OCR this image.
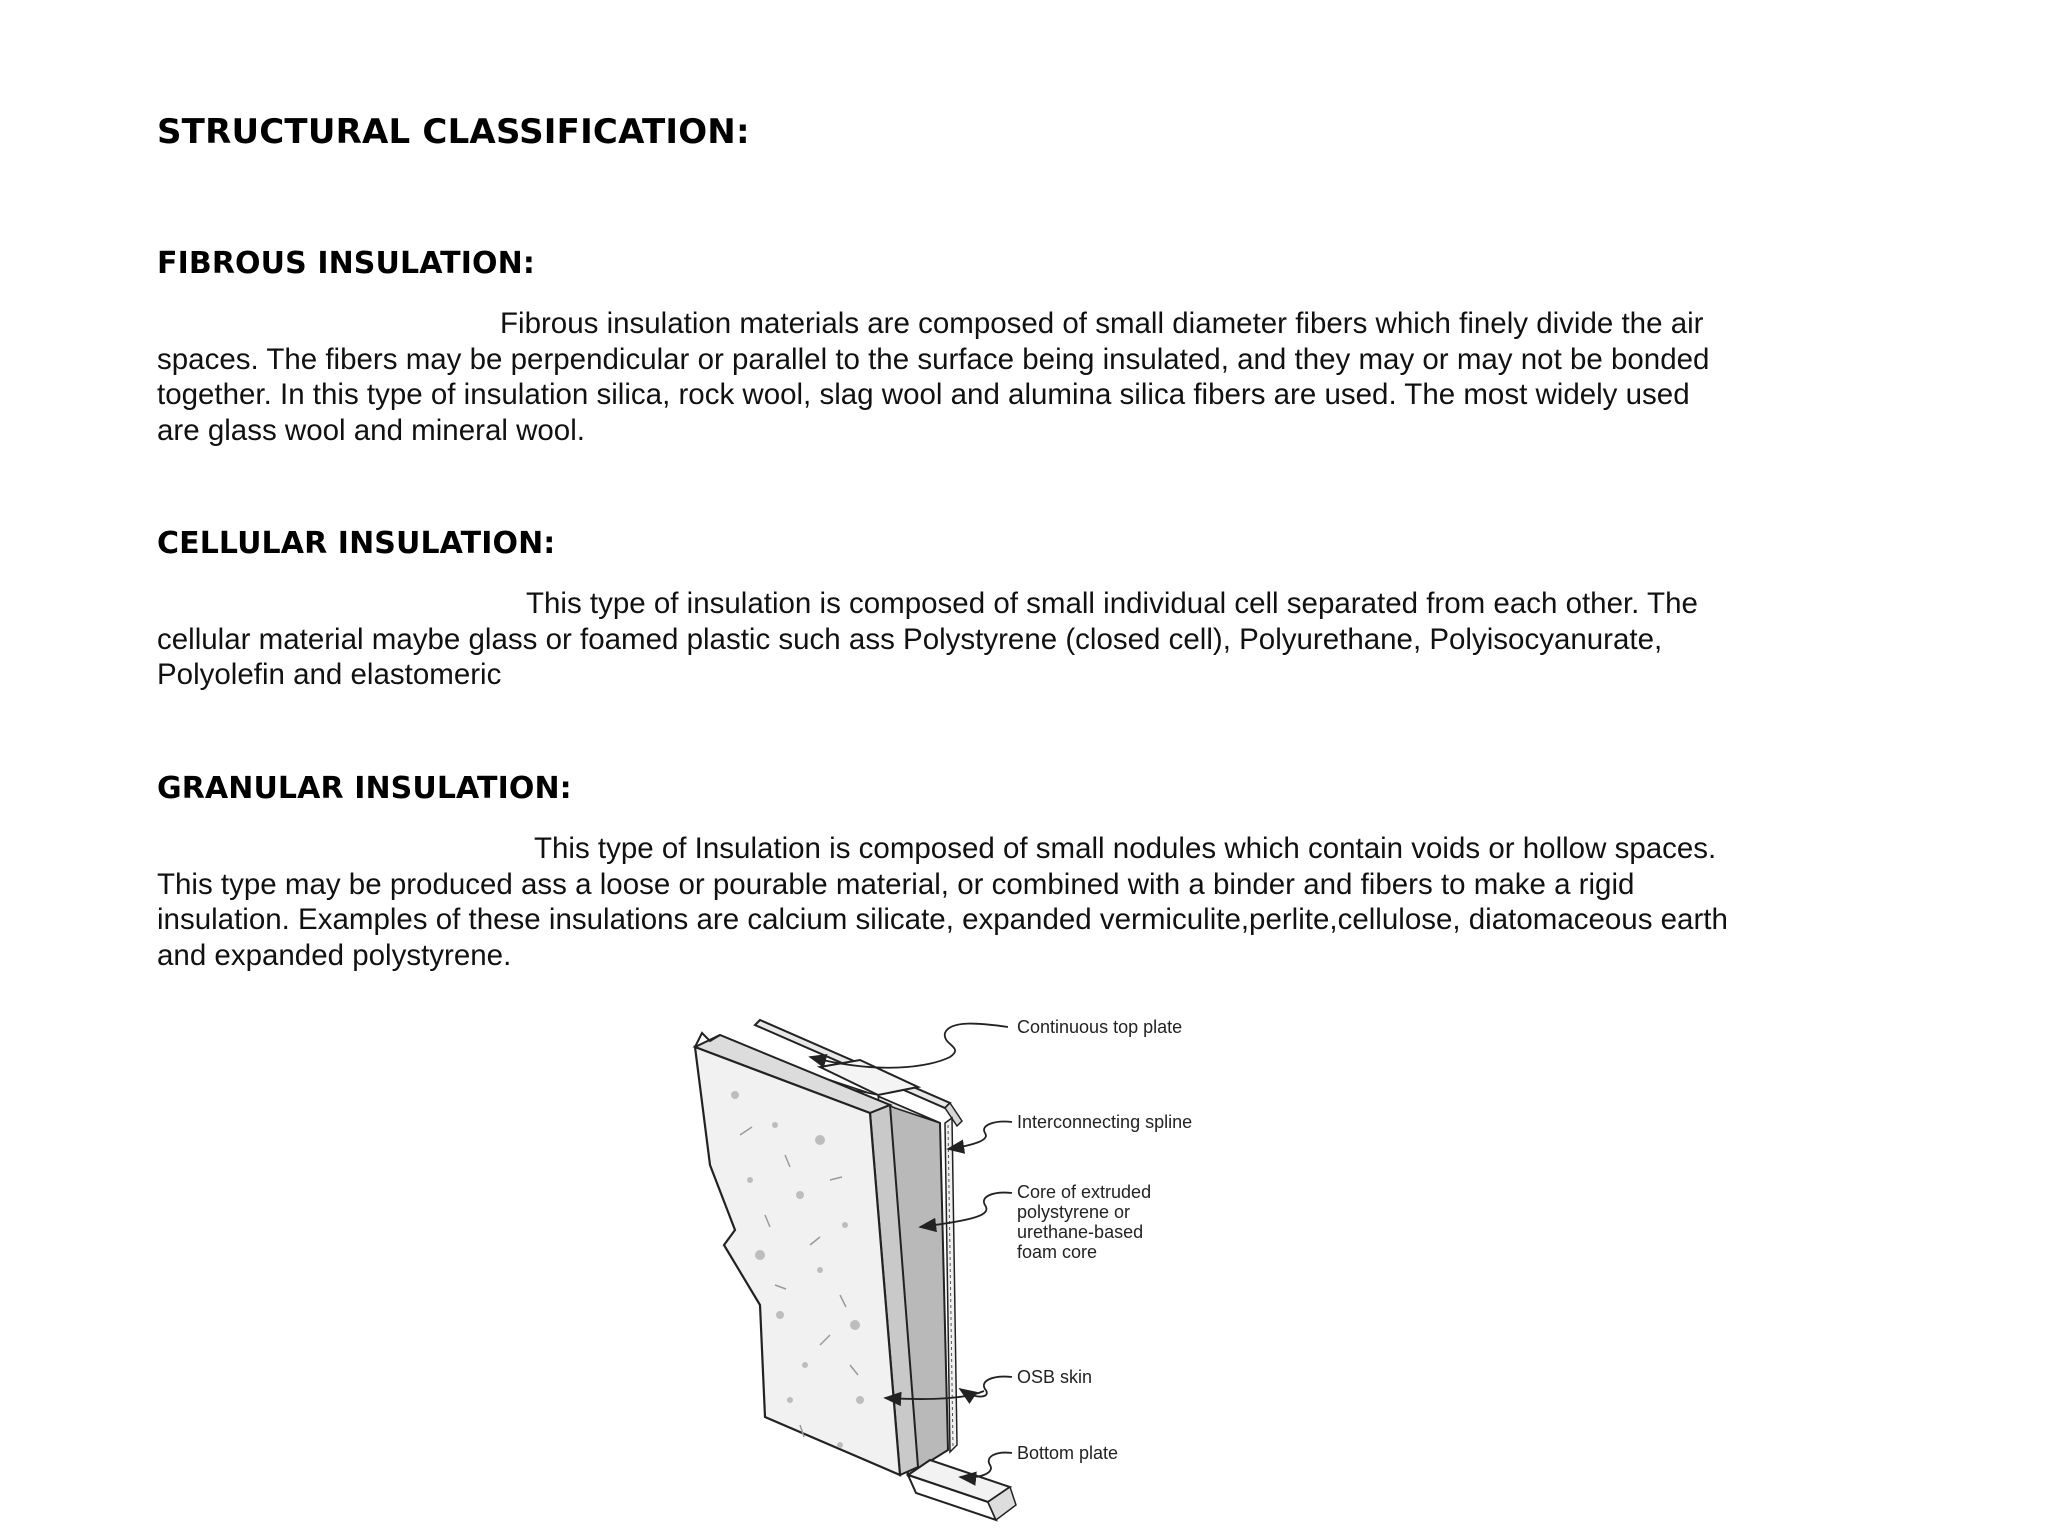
STRUCTURAL CLASSIFICATION:
FIBROUS INSULATION:

Fibrous insulation materials are composed of small diameter fibers which finely divide the air
spaces. The fibers may be perpendicular or parallel to the surface being insulated, and they may or may not be bonded
together. In this type of insulation silica, rock wool, slag wool and alumina silica fibers are used. The most widely used
are glass wool and mineral wool.

CELLULAR INSULATION:

This type of insulation is composed of small individual cell separated from each other. The
cellular material maybe glass or foamed plastic such ass Polystyrene (closed cell), Polyurethane, Polyisocyanurate,
Polyolefin and elastomeric

GRANULAR INSULATION:

This type of Insulation is composed of small nodules which contain voids or hollow spaces.
This type may be produced ass a loose or pourable material, or combined with a binder and fibers to make a rigid
insulation. Examples of these insulations are calcium silicate, expanded vermiculite,perlite,cellulose, diatomaceous earth
and expanded polystyrene.

Continuous top plate
Interconnecting spline
Core of extruded
polystyrene or
urethane-based
foam core
OSB skin
Bottom plate
